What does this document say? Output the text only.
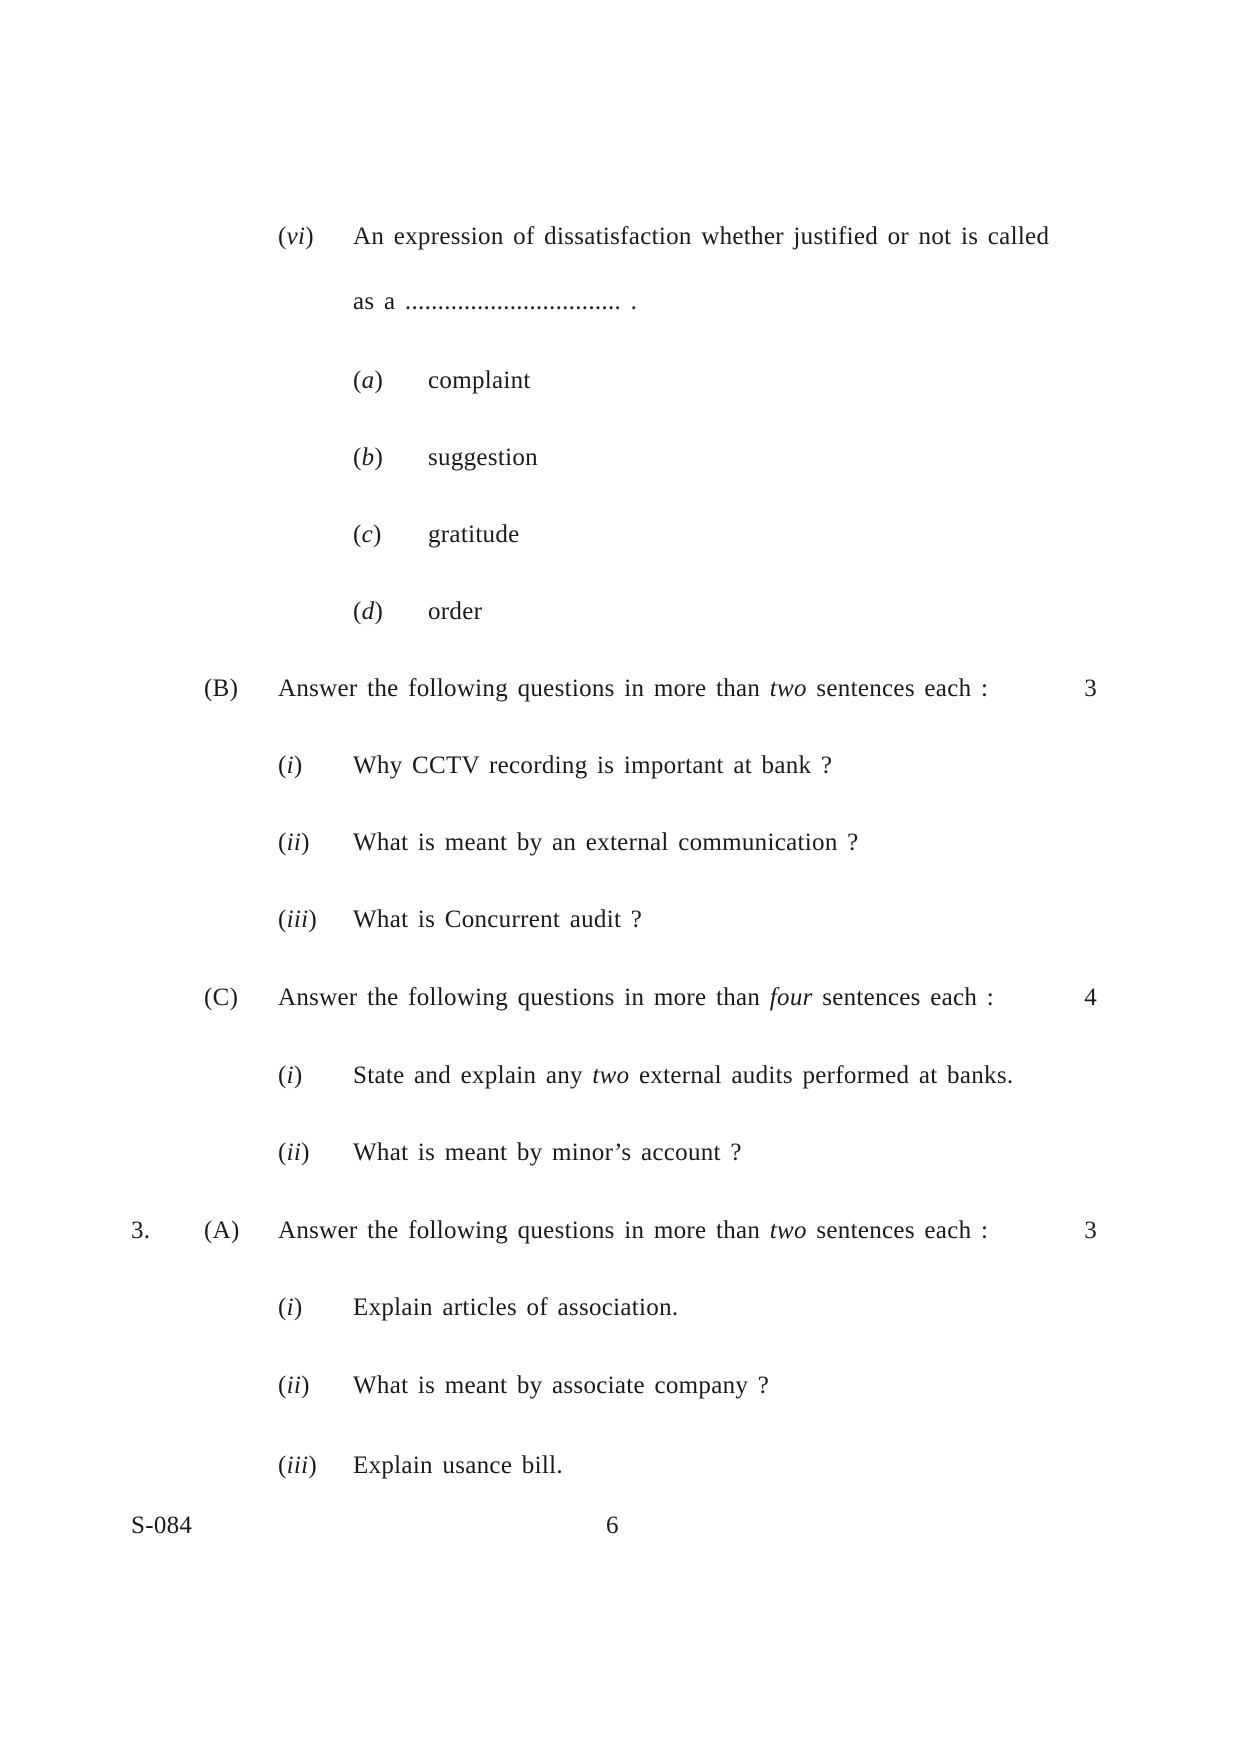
(vi) An expression of dissatisfaction whether justified or not is called
as a ................................. .
(a) complaint
(b) suggestion
(c) gratitude
(d) order
(B) Answer the following questions in more than two sentences each :	3
(i) Why CCTV recording is important at bank ?
(ii) What is meant by an external communication ?
(iii) What is Concurrent audit ?
(C) Answer the following questions in more than four sentences each :	4
(i) State and explain any two external audits performed at banks.
(ii) What is meant by minor’s account ?
3. (A) Answer the following questions in more than two sentences each :	3
(i) Explain articles of association.
(ii) What is meant by associate company ?
(iii) Explain usance bill.
S-084	6
